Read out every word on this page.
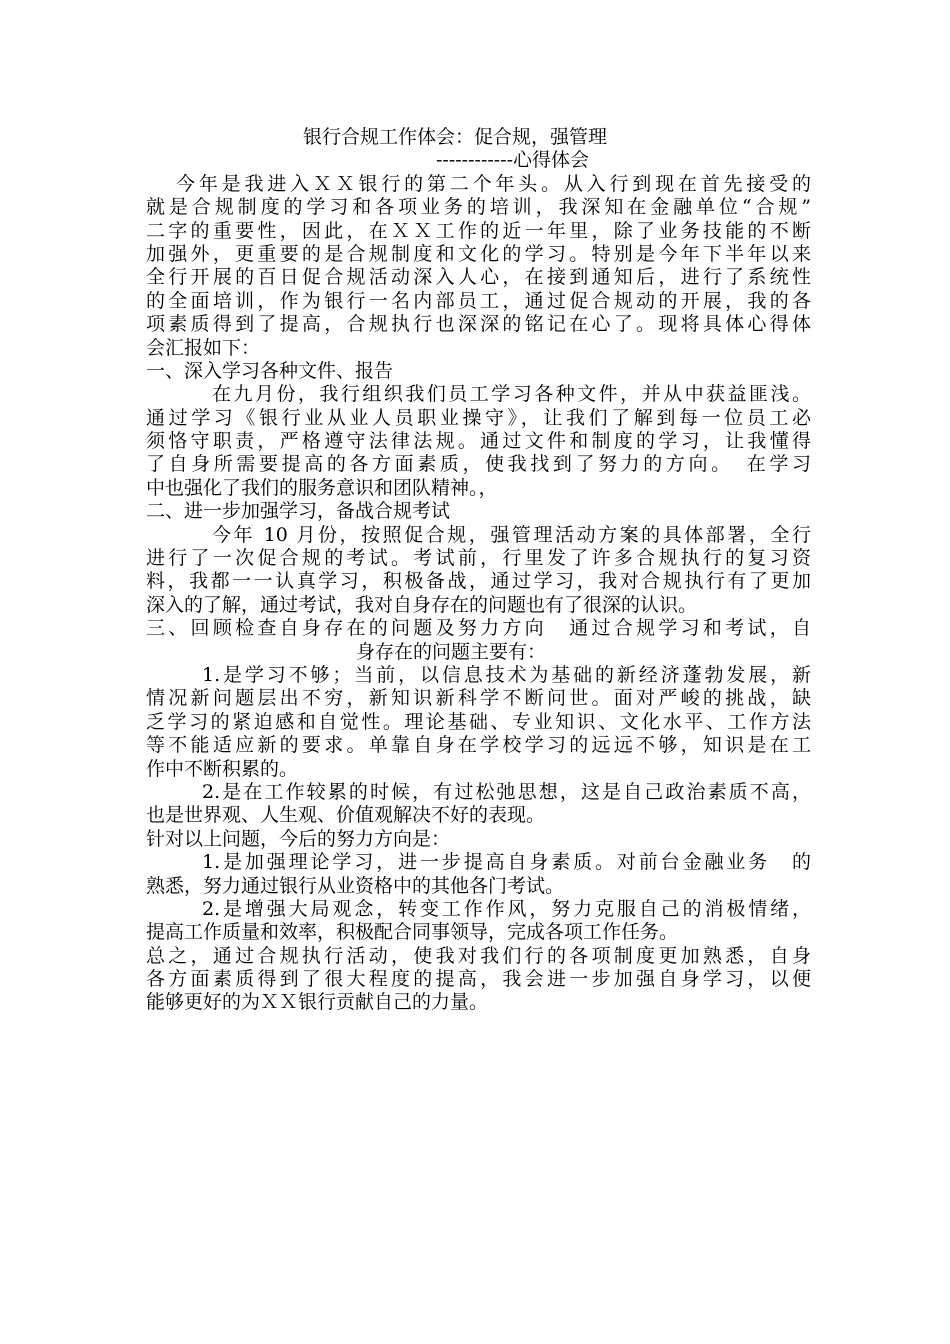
银行合规工作体会：促合规，强管理
------------心得体会
今年是我进入ＸＸ银行的第二个年头。从入行到现在首先接受的
就是合规制度的学习和各项业务的培训，我深知在金融单位“合规”
二字的重要性，因此，在ＸＸ工作的近一年里，除了业务技能的不断
加强外，更重要的是合规制度和文化的学习。特别是今年下半年以来
全行开展的百日促合规活动深入人心，在接到通知后，进行了系统性
的全面培训，作为银行一名内部员工，通过促合规动的开展，我的各
项素质得到了提高，合规执行也深深的铭记在心了。现将具体心得体
会汇报如下：
一、深入学习各种文件、报告
在九月份，我行组织我们员工学习各种文件，并从中获益匪浅。
通过学习《银行业从业人员职业操守》，让我们了解到每一位员工必
须恪守职责，严格遵守法律法规。通过文件和制度的学习，让我懂得
了自身所需要提高的各方面素质，使我找到了努力的方向。　在学习
中也强化了我们的服务意识和团队精神。，
二、进一步加强学习，备战合规考试
今年 10 月份，按照促合规，强管理活动方案的具体部署，全行
进行了一次促合规的考试。考试前，行里发了许多合规执行的复习资
料，我都一一认真学习，积极备战，通过学习，我对合规执行有了更加
深入的了解，通过考试，我对自身存在的问题也有了很深的认识。
三、回顾检查自身存在的问题及努力方向　通过合规学习和考试，自
身存在的问题主要有：
1.是学习不够；当前，以信息技术为基础的新经济蓬勃发展，新
情况新问题层出不穷，新知识新科学不断问世。面对严峻的挑战，缺
乏学习的紧迫感和自觉性。理论基础、专业知识、文化水平、工作方法
等不能适应新的要求。单靠自身在学校学习的远远不够，知识是在工
作中不断积累的。
2.是在工作较累的时候，有过松弛思想，这是自己政治素质不高，
也是世界观、人生观、价值观解决不好的表现。
针对以上问题，今后的努力方向是：
1.是加强理论学习，进一步提高自身素质。对前台金融业务　的
熟悉，努力通过银行从业资格中的其他各门考试。
2.是增强大局观念，转变工作作风，努力克服自己的消极情绪，
提高工作质量和效率，积极配合同事领导，完成各项工作任务。
总之，通过合规执行活动，使我对我们行的各项制度更加熟悉，自身
各方面素质得到了很大程度的提高，我会进一步加强自身学习，以便
能够更好的为ＸＸ银行贡献自己的力量。
